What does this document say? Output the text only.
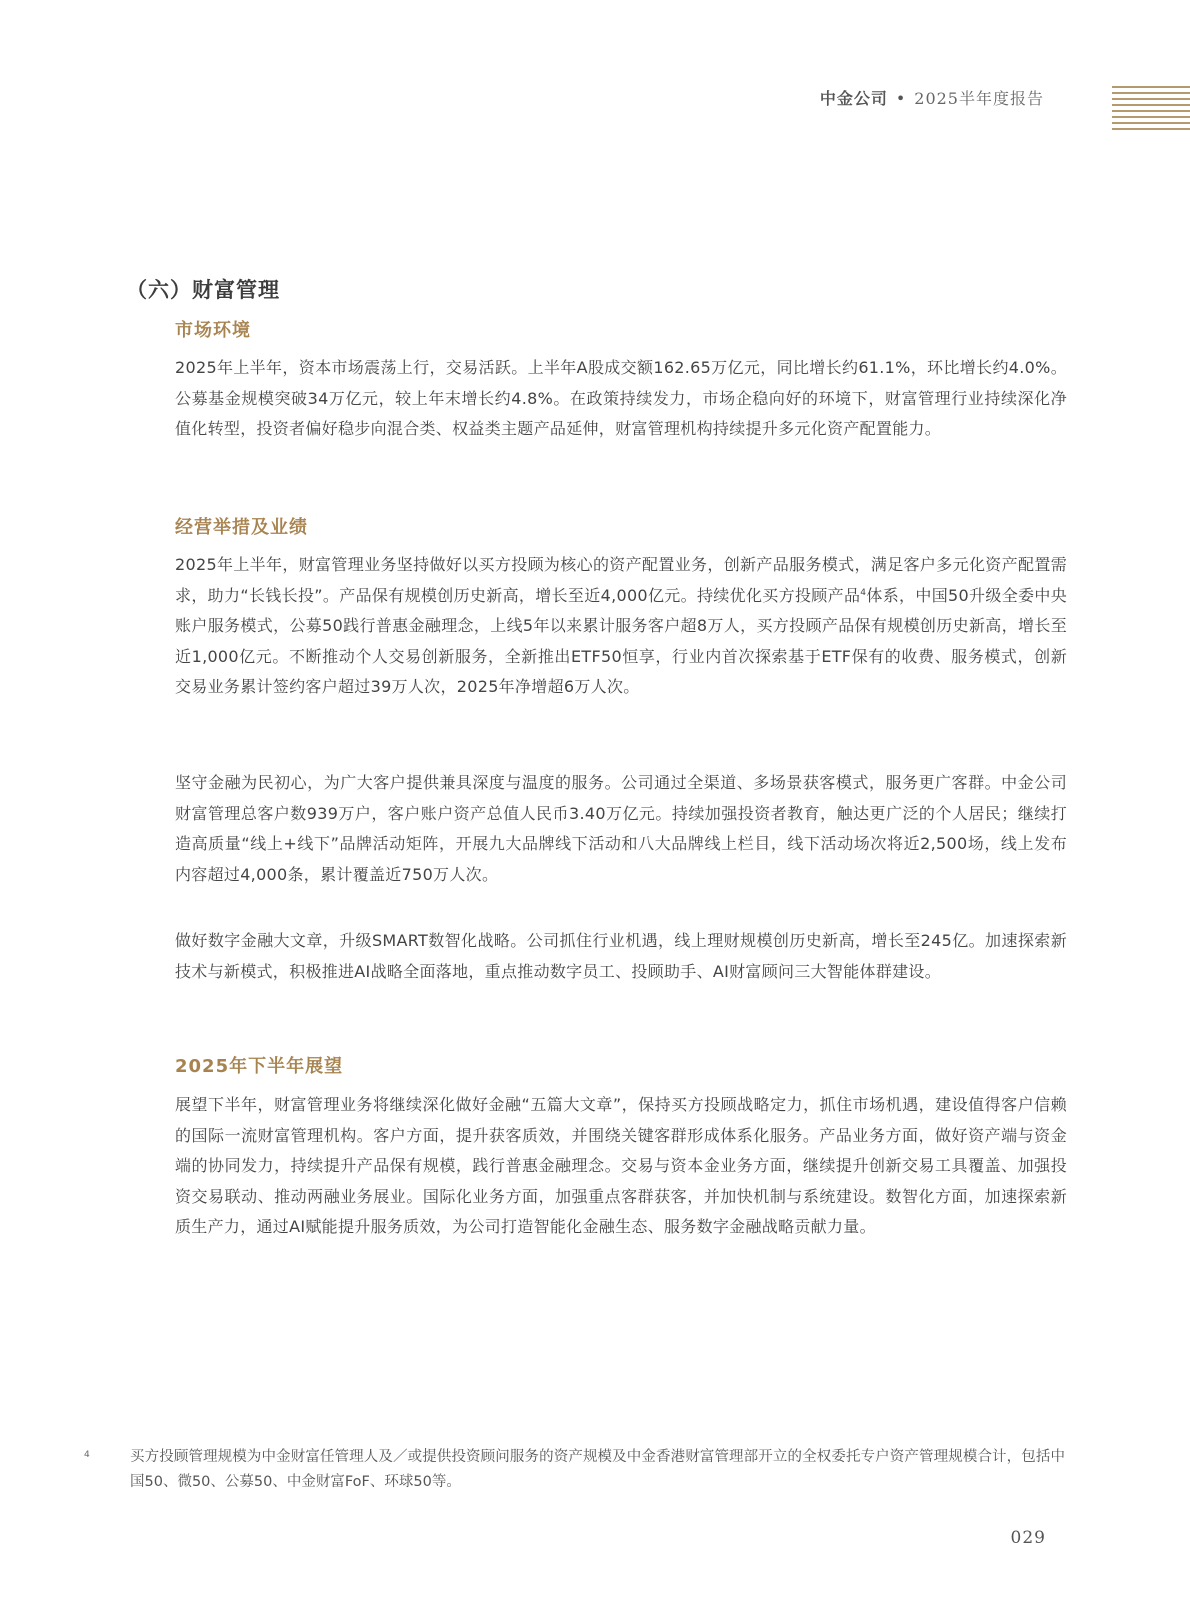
中金公司 • 2025半年度报告
（六）财富管理
市场环境

2025年上半年，资本市场震荡上行，交易活跃。上半年A股成交额162.65万亿元，同比增长约61.1%，环比增长约4.0%。公募基金规模突破34万亿元，较上年末增长约4.8%。在政策持续发力，市场企稳向好的环境下，财富管理行业持续深化净值化转型，投资者偏好稳步向混合类、权益类主题产品延伸，财富管理机构持续提升多元化资产配置能力。

经营举措及业绩

2025年上半年，财富管理业务坚持做好以买方投顾为核心的资产配置业务，创新产品服务模式，满足客户多元化资产配置需求，助力“长钱长投”。产品保有规模创历史新高，增长至近4,000亿元。持续优化买方投顾产品$^4$体系，中国50升级全委中央账户服务模式，公募50践行普惠金融理念，上线5年以来累计服务客户超8万人，买方投顾产品保有规模创历史新高，增长至近1,000亿元。不断推动个人交易创新服务，全新推出ETF50恒享，行业内首次探索基于ETF保有的收费、服务模式，创新交易业务累计签约客户超过39万人次，2025年净增超6万人次。

坚守金融为民初心，为广大客户提供兼具深度与温度的服务。公司通过全渠道、多场景获客模式，服务更广客群。中金公司财富管理总客户数939万户，客户账户资产总值人民币3.40万亿元。持续加强投资者教育，触达更广泛的个人居民；继续打造高质量“线上+线下”品牌活动矩阵，开展九大品牌线下活动和八大品牌线上栏目，线下活动场次将近2,500场，线上发布内容超过4,000条，累计覆盖近750万人次。

做好数字金融大文章，升级SMART数智化战略。公司抓住行业机遇，线上理财规模创历史新高，增长至245亿。加速探索新技术与新模式，积极推进AI战略全面落地，重点推动数字员工、投顾助手、AI财富顾问三大智能体群建设。

2025年下半年展望

展望下半年，财富管理业务将继续深化做好金融“五篇大文章”，保持买方投顾战略定力，抓住市场机遇，建设值得客户信赖的国际一流财富管理机构。客户方面，提升获客质效，并围绕关键客群形成体系化服务。产品业务方面，做好资产端与资金端的协同发力，持续提升产品保有规模，践行普惠金融理念。交易与资本金业务方面，继续提升创新交易工具覆盖、加强投资交易联动、推动两融业务展业。国际化业务方面，加强重点客群获客，并加快机制与系统建设。数智化方面，加速探索新质生产力，通过AI赋能提升服务质效，为公司打造智能化金融生态、服务数字金融战略贡献力量。

4	买方投顾管理规模为中金财富任管理人及／或提供投资顾问服务的资产规模及中金香港财富管理部开立的全权委托专户资产管理规模合计，包括中国50、微50、公募50、中金财富FoF、环球50等。

029
